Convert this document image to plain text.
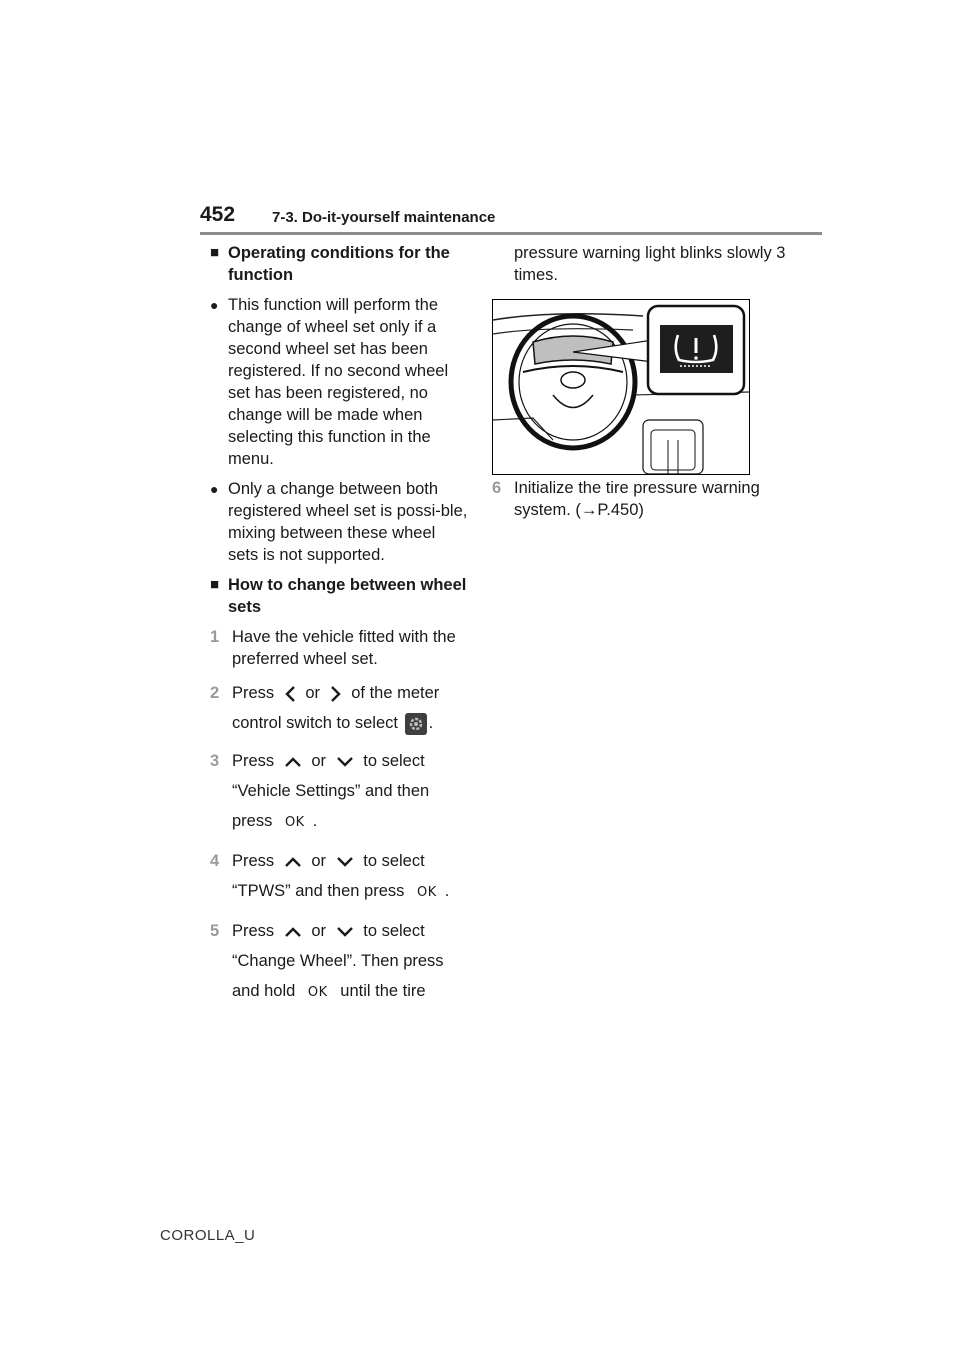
452 7-3. Do-it-yourself maintenance
■ Operating conditions for the function
● This function will perform the change of wheel set only if a second wheel set has been registered. If no second wheel set has been registered, no change will be made when selecting this function in the menu.
● Only a change between both registered wheel set is possi-ble, mixing between these wheel sets is not supported.
■ How to change between wheel sets
1 Have the vehicle fitted with the preferred wheel set.
2 Press or of the meter control switch to select .
3 Press or to select “Vehicle Settings” and then press OK .
4 Press or to select “TPWS” and then press OK .
5 Press or to select “Change Wheel”. Then press and hold OK until the tire
pressure warning light blinks slowly 3 times.
6 Initialize the tire pressure warning system. (→P.450)
COROLLA_U
